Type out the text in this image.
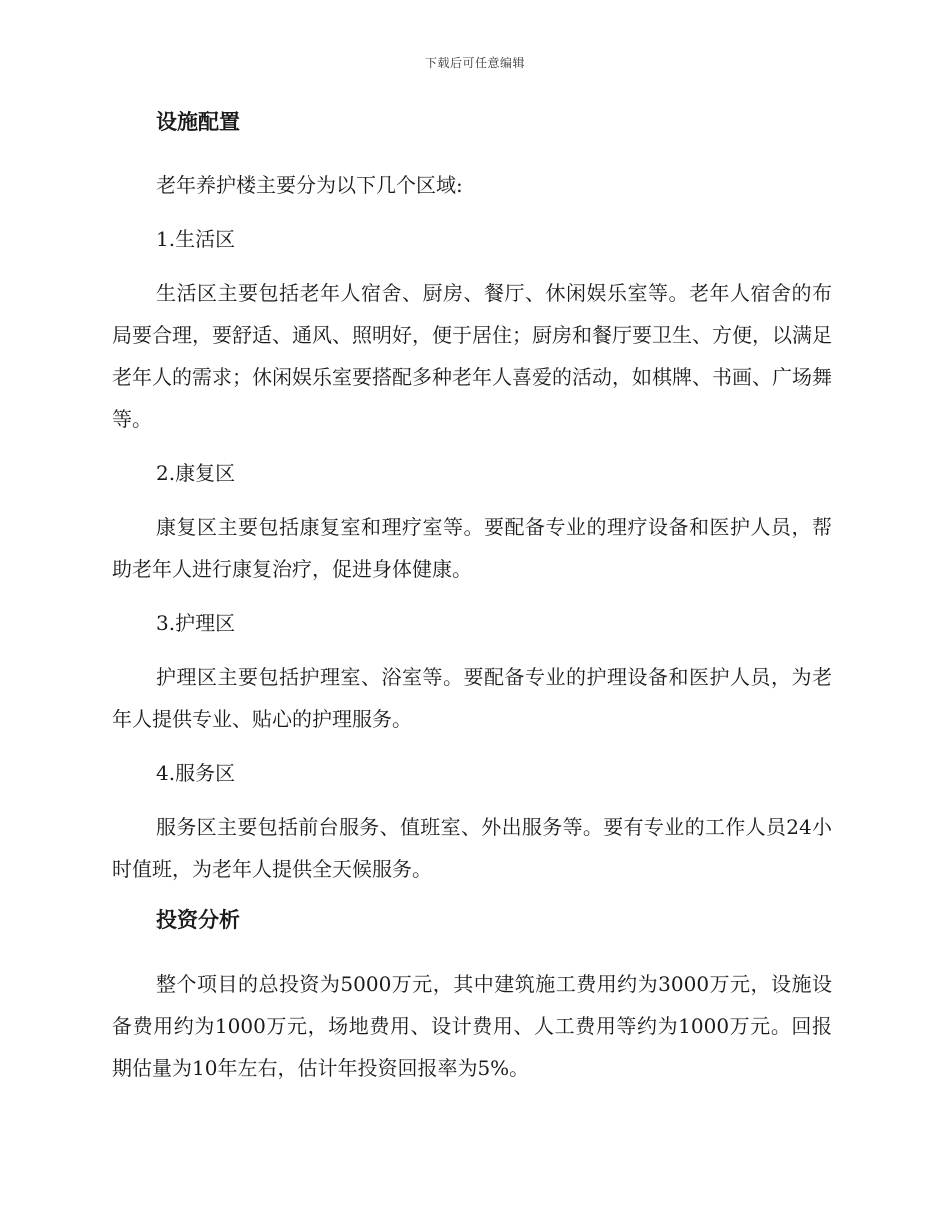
下载后可任意编辑
设施配置

老年养护楼主要分为以下几个区域:

1.生活区

生活区主要包括老年人宿舍、厨房、餐厅、休闲娱乐室等。老年人宿舍的布局要合理，要舒适、通风、照明好，便于居住；厨房和餐厅要卫生、方便，以满足老年人的需求；休闲娱乐室要搭配多种老年人喜爱的活动，如棋牌、书画、广场舞等。

2.康复区

康复区主要包括康复室和理疗室等。要配备专业的理疗设备和医护人员，帮助老年人进行康复治疗，促进身体健康。

3.护理区

护理区主要包括护理室、浴室等。要配备专业的护理设备和医护人员，为老年人提供专业、贴心的护理服务。

4.服务区

服务区主要包括前台服务、值班室、外出服务等。要有专业的工作人员24小时值班，为老年人提供全天候服务。

投资分析

整个项目的总投资为5000万元，其中建筑施工费用约为3000万元，设施设备费用约为1000万元，场地费用、设计费用、人工费用等约为1000万元。回报期估量为10年左右，估计年投资回报率为5%。
